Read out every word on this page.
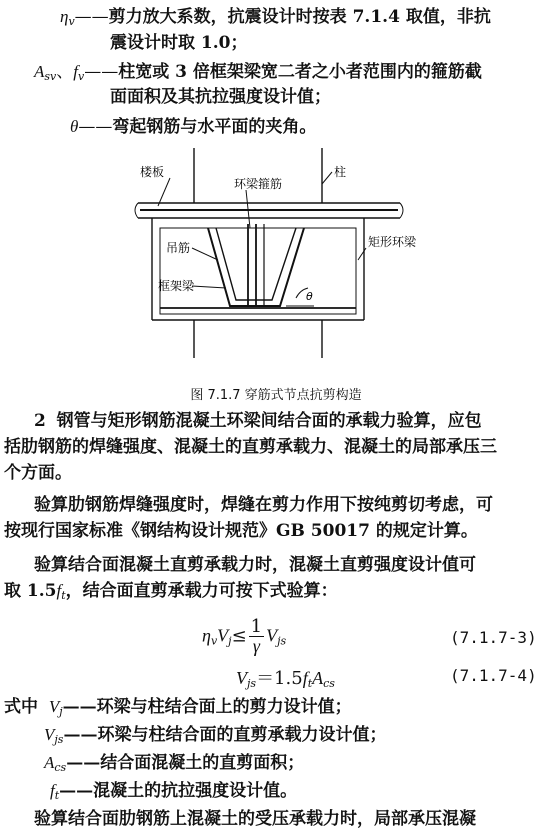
$\eta_v——$剪力放大系数，抗震设计时按表 7.1.4 取值，非抗
震设计时取 1.0；
$A_{sv}$、$f_v——$柱宽或 3 倍框架梁宽二者之小者范围内的箍筋截
面面积及其抗拉强度设计值；
θ——弯起钢筋与水平面的夹角。
楼板
环梁箍筋
柱
吊筋
框架梁
矩形环梁
θ
图 7.1.7 穿筋式节点抗剪构造
2 钢管与矩形钢筋混凝土环梁间结合面的承载力验算，应包
括肋钢筋的焊缝强度、混凝土的直剪承载力、混凝土的局部承压三
个方面。
验算肋钢筋焊缝强度时，焊缝在剪力作用下按纯剪切考虑，可
按现行国家标准《钢结构设计规范》GB 50017 的规定计算。
验算结合面混凝土直剪承载力时，混凝土直剪强度设计值可
取 $1.5f_t$，结合面直剪承载力可按下式验算：
$\eta_vV_j\le \frac{1}{\gamma} V_{js}$	(7.1.7-3)
$V_{js}=1.5f_tA_{cs}$	(7.1.7-4)
式中 $V_j——$环梁与柱结合面上的剪力设计值；
$V_{js}——$环梁与柱结合面的直剪承载力设计值；
$A_{cs}——$结合面混凝土的直剪面积；
$f_t——$混凝土的抗拉强度设计值。
验算结合面肋钢筋上混凝土的受压承载力时，局部承压混凝
